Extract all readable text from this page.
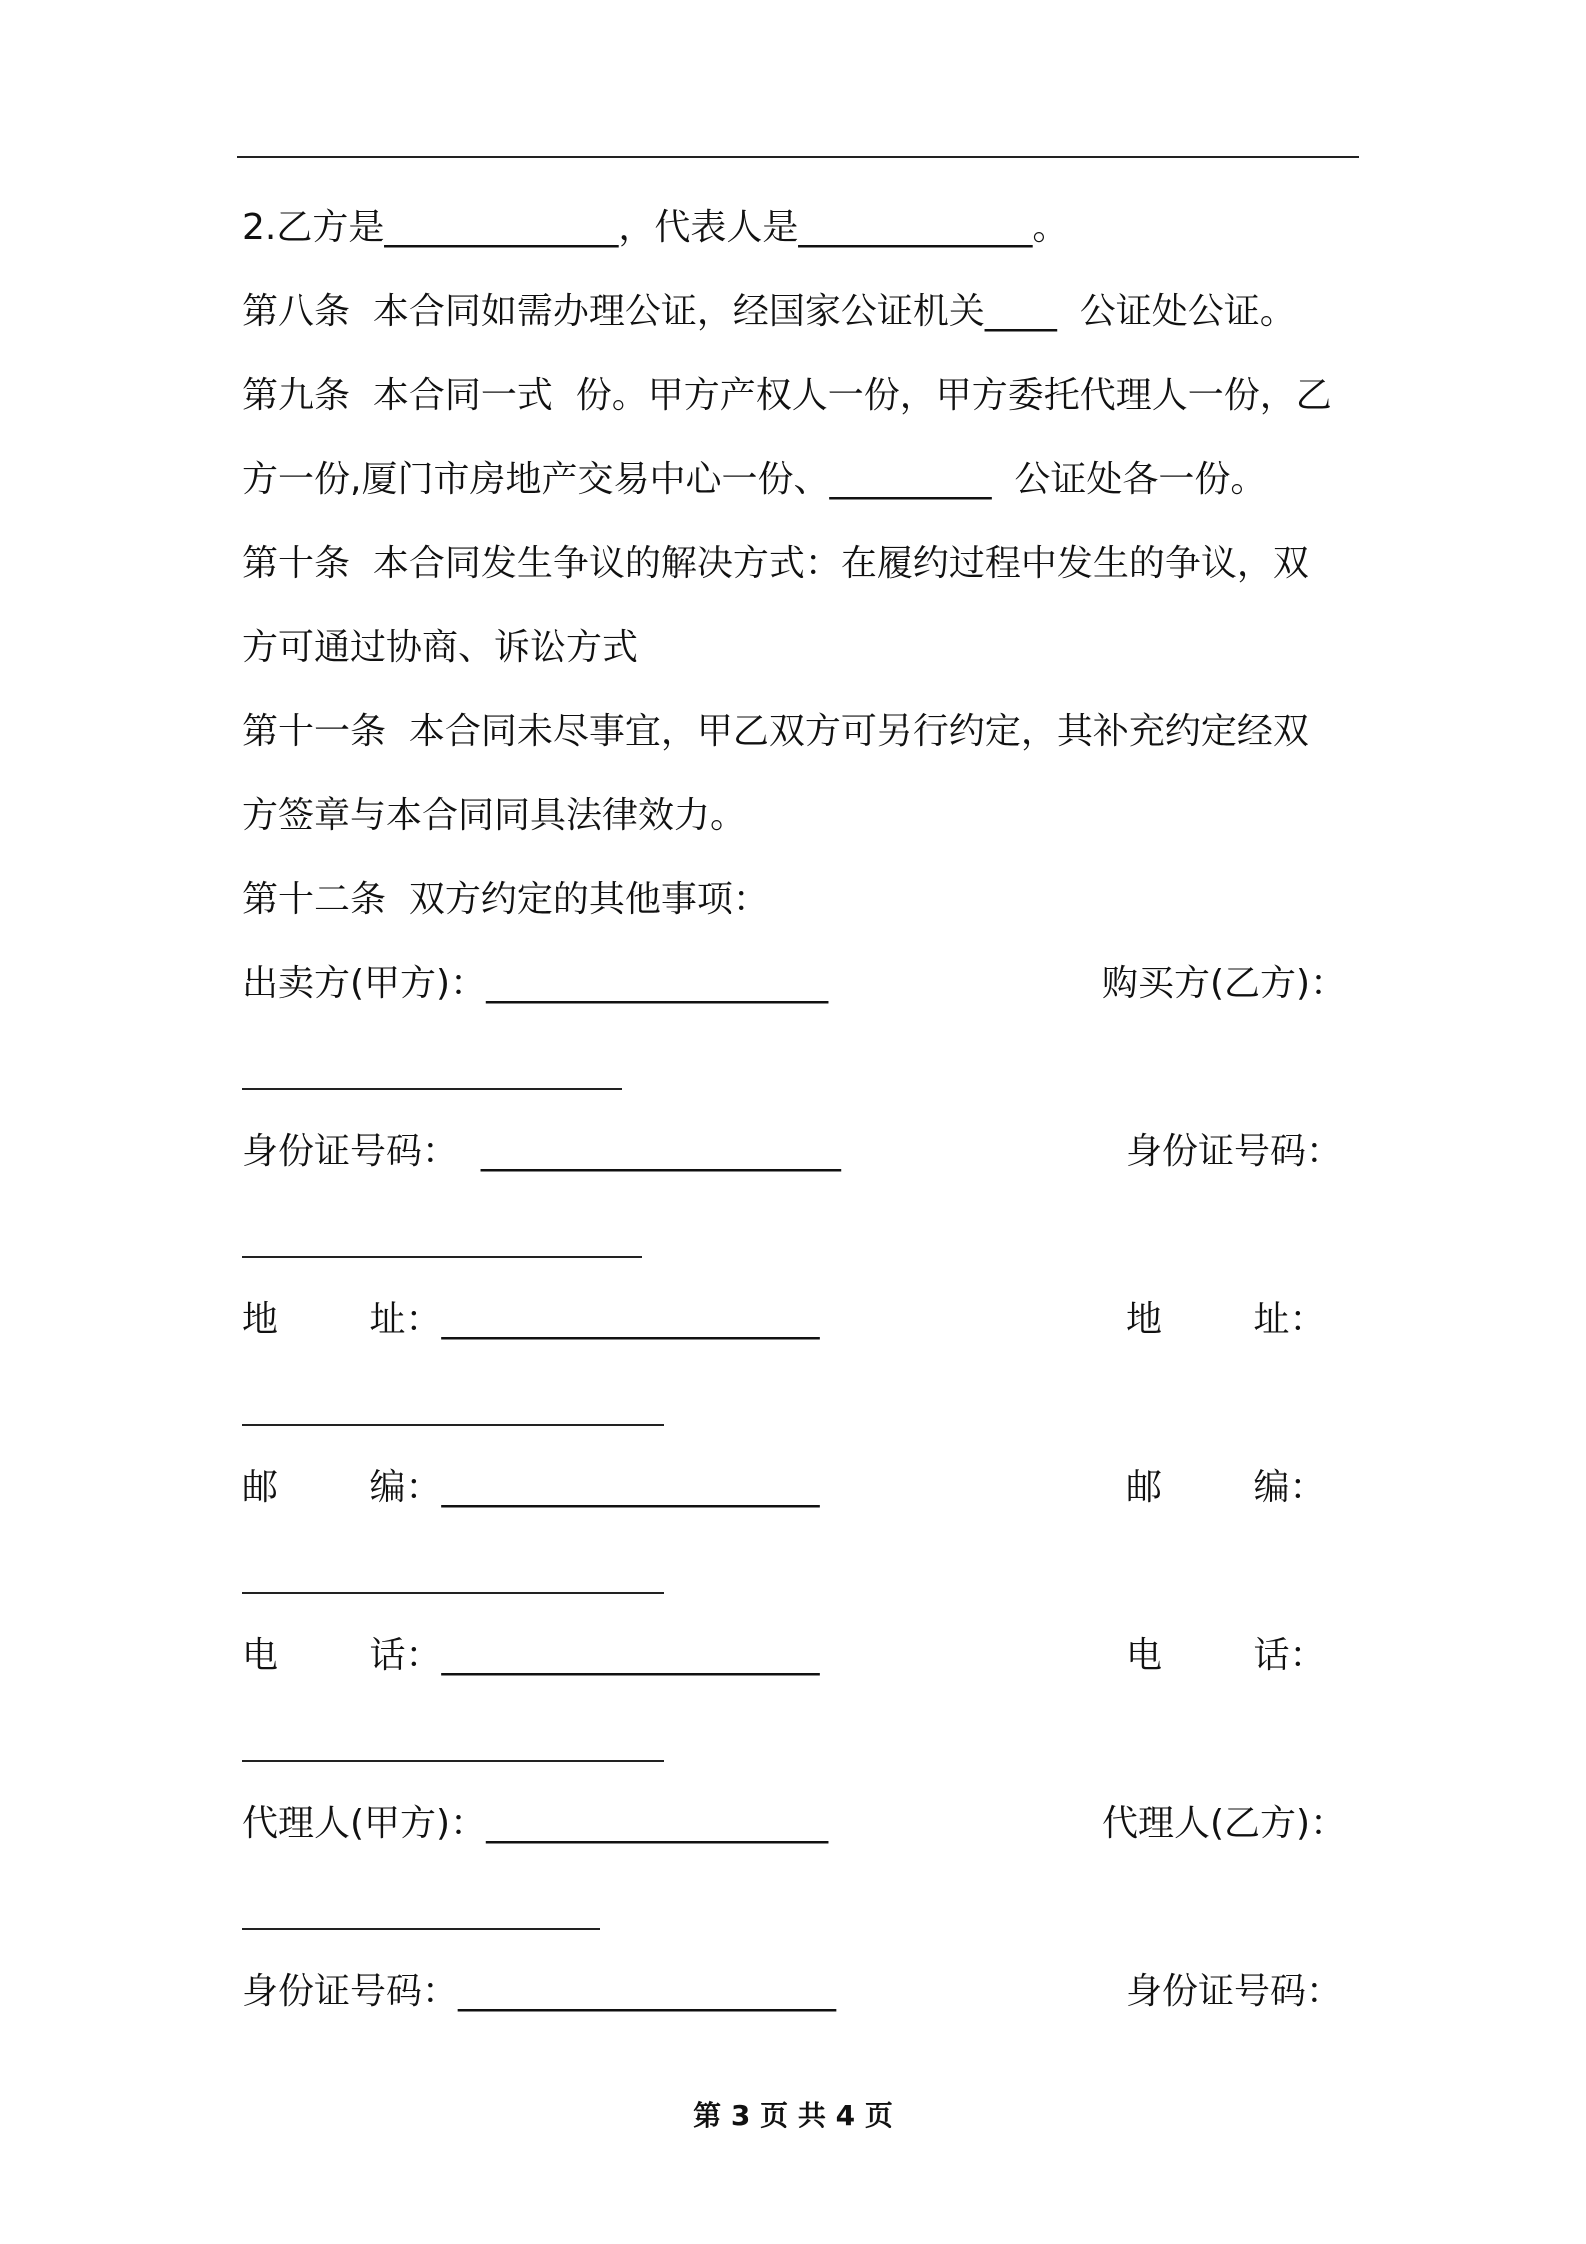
2.乙方是_____________，代表人是_____________。
第八条  本合同如需办理公证，经国家公证机关____  公证处公证。
第九条  本合同一式  份。甲方产权人一份，甲方委托代理人一份，乙
方一份,厦门市房地产交易中心一份、_________  公证处各一份。
第十条  本合同发生争议的解决方式：在履约过程中发生的争议，双
方可通过协商、诉讼方式
第十一条  本合同未尽事宜，甲乙双方可另行约定，其补充约定经双
方签章与本合同同具法律效力。
第十二条  双方约定的其他事项：
出卖方(甲方)：___________________	购买方(乙方)：
身份证号码：  ____________________	身份证号码：
地        址：_____________________	地        址：
邮        编：_____________________	邮        编：
电        话：_____________________	电        话：
代理人(甲方)：___________________	代理人(乙方)：
身份证号码：_____________________	身份证号码：
第 3 页 共 4 页
